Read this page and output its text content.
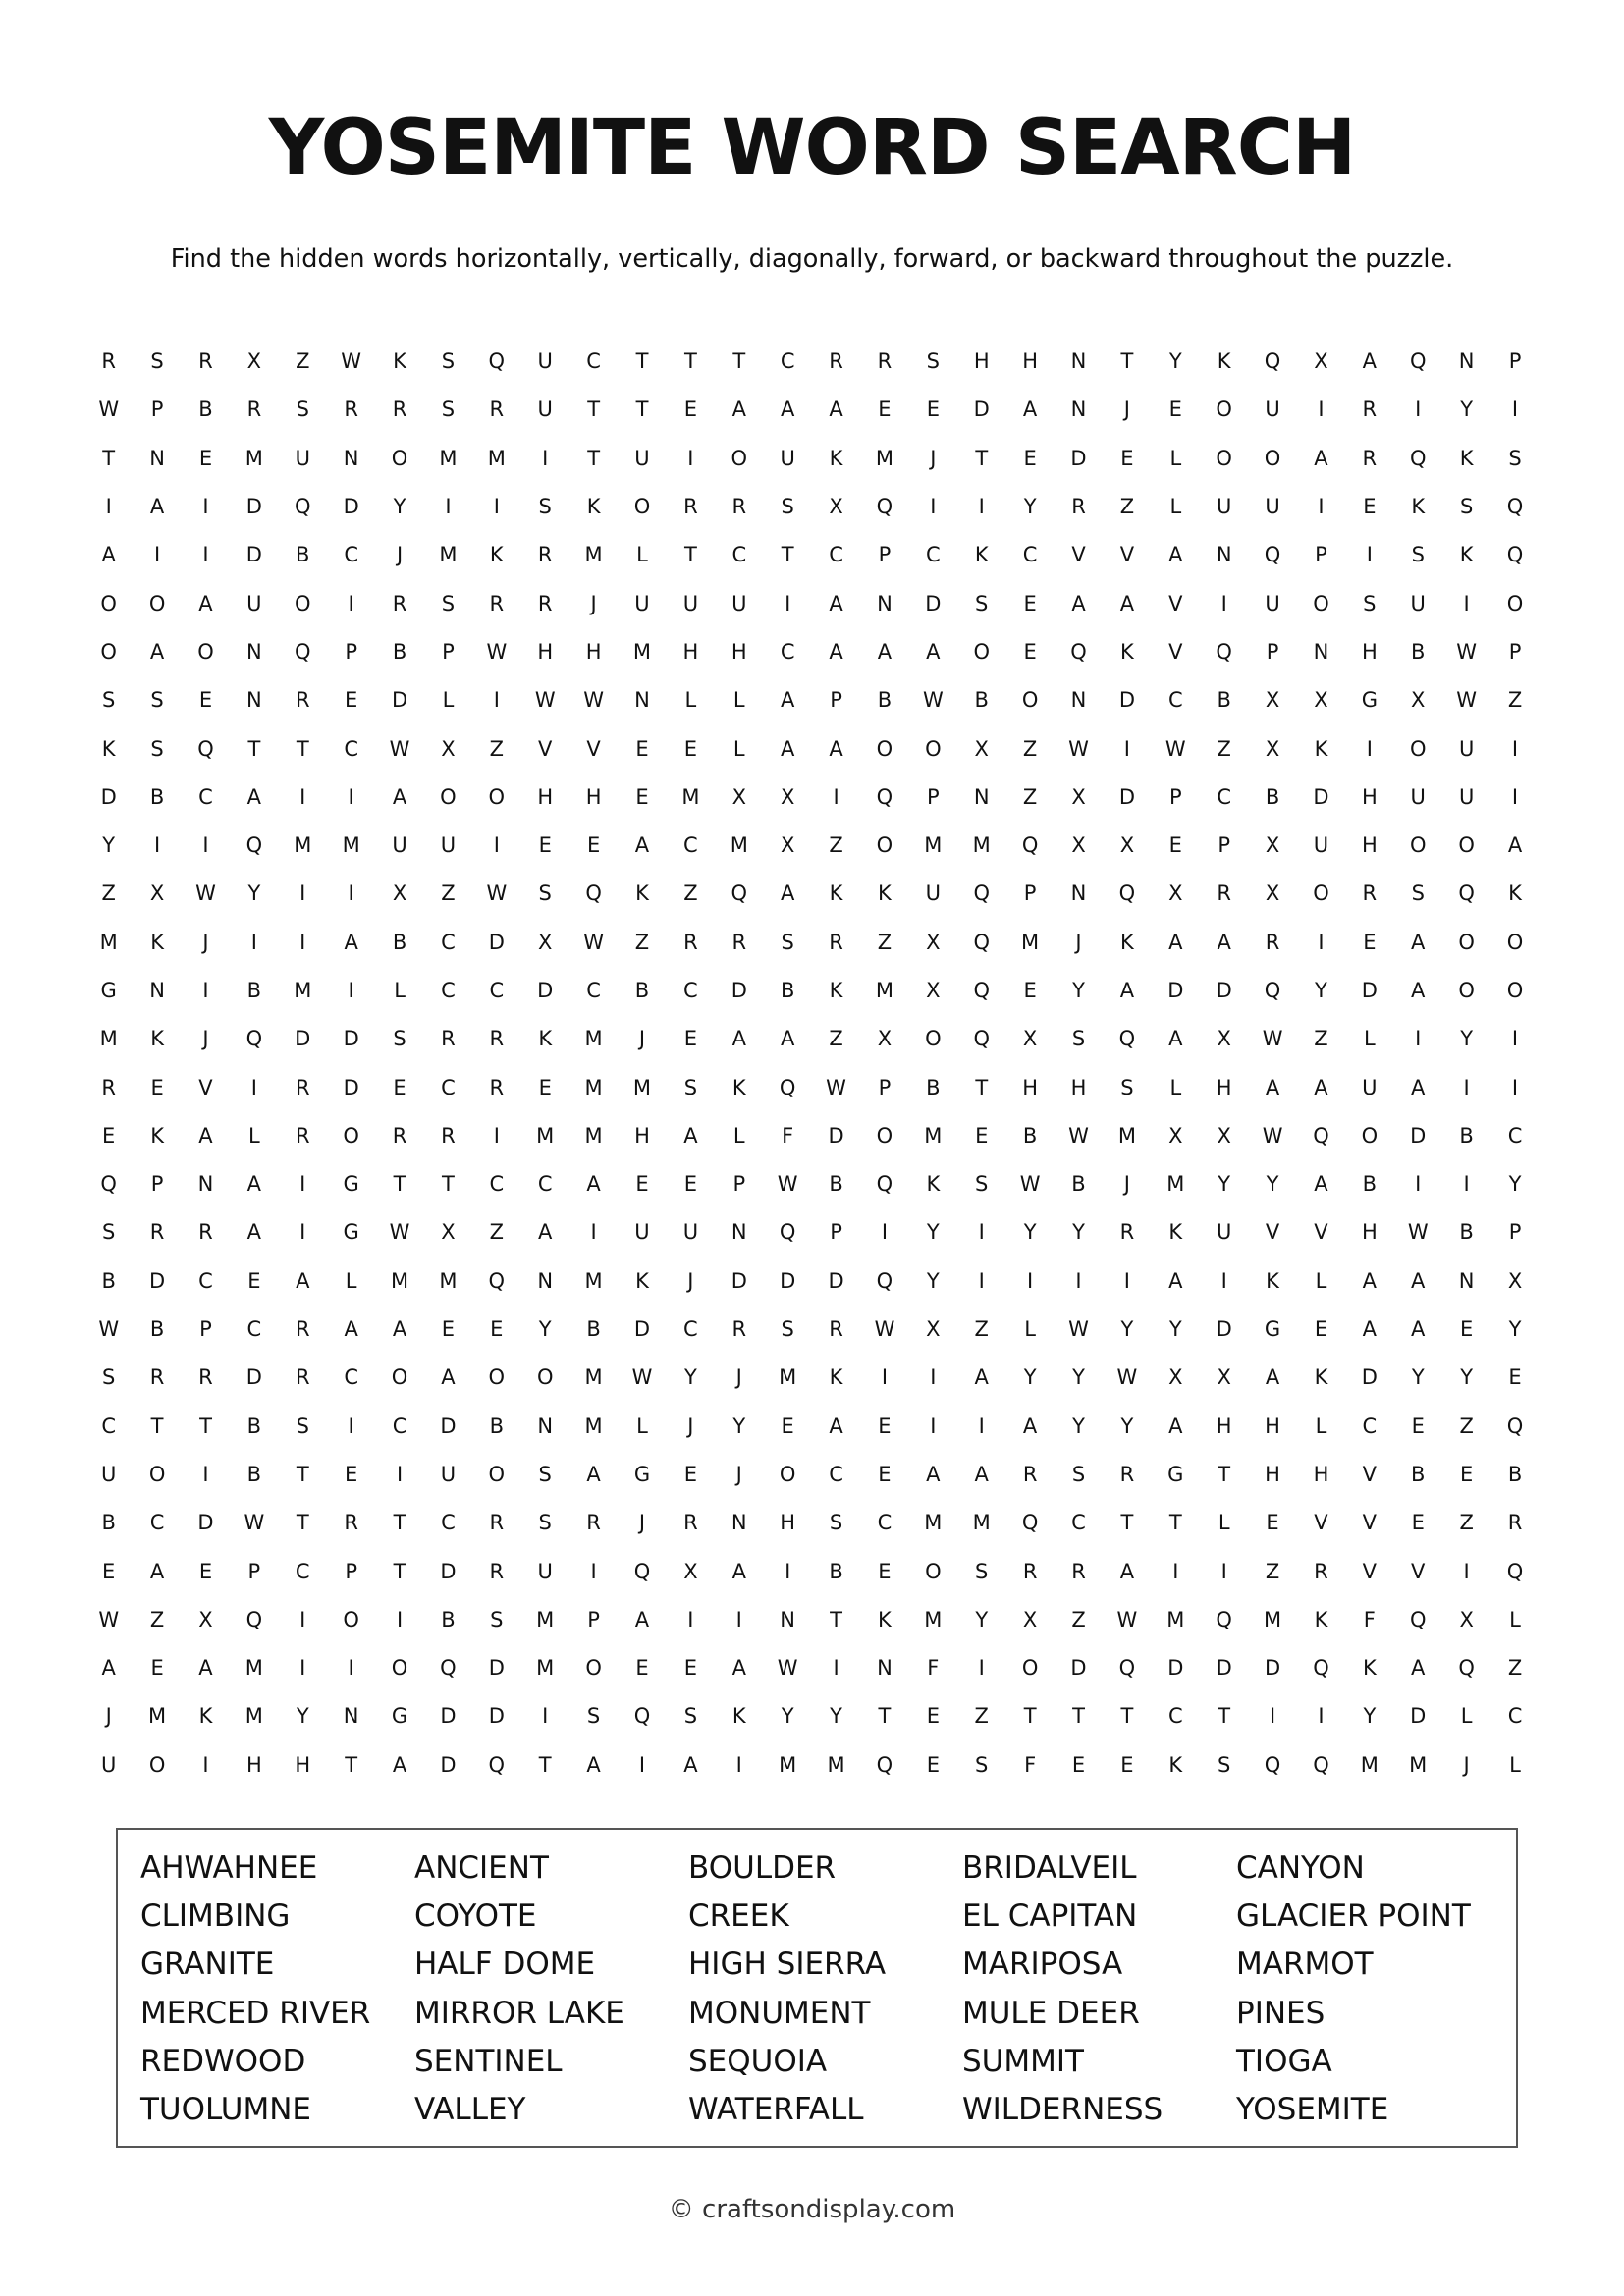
YOSEMITE WORD SEARCH
Find the hidden words horizontally, vertically, diagonally, forward, or backward throughout the puzzle.
R	S	R	X	Z	W	K	S	Q	U	C	T	T	T	C	R	R	S	H	H	N	T	Y	K	Q	X	A	Q	N	P
W	P	B	R	S	R	R	S	R	U	T	T	E	A	A	A	E	E	D	A	N	J	E	O	U	I	R	I	Y	I
T	N	E	M	U	N	O	M	M	I	T	U	I	O	U	K	M	J	T	E	D	E	L	O	O	A	R	Q	K	S
I	A	I	D	Q	D	Y	I	I	S	K	O	R	R	S	X	Q	I	I	Y	R	Z	L	U	U	I	E	K	S	Q
A	I	I	D	B	C	J	M	K	R	M	L	T	C	T	C	P	C	K	C	V	V	A	N	Q	P	I	S	K	Q
O	O	A	U	O	I	R	S	R	R	J	U	U	U	I	A	N	D	S	E	A	A	V	I	U	O	S	U	I	O
O	A	O	N	Q	P	B	P	W	H	H	M	H	H	C	A	A	A	O	E	Q	K	V	Q	P	N	H	B	W	P
S	S	E	N	R	E	D	L	I	W	W	N	L	L	A	P	B	W	B	O	N	D	C	B	X	X	G	X	W	Z
K	S	Q	T	T	C	W	X	Z	V	V	E	E	L	A	A	O	O	X	Z	W	I	W	Z	X	K	I	O	U	I
D	B	C	A	I	I	A	O	O	H	H	E	M	X	X	I	Q	P	N	Z	X	D	P	C	B	D	H	U	U	I
Y	I	I	Q	M	M	U	U	I	E	E	A	C	M	X	Z	O	M	M	Q	X	X	E	P	X	U	H	O	O	A
Z	X	W	Y	I	I	X	Z	W	S	Q	K	Z	Q	A	K	K	U	Q	P	N	Q	X	R	X	O	R	S	Q	K
M	K	J	I	I	A	B	C	D	X	W	Z	R	R	S	R	Z	X	Q	M	J	K	A	A	R	I	E	A	O	O
G	N	I	B	M	I	L	C	C	D	C	B	C	D	B	K	M	X	Q	E	Y	A	D	D	Q	Y	D	A	O	O
M	K	J	Q	D	D	S	R	R	K	M	J	E	A	A	Z	X	O	Q	X	S	Q	A	X	W	Z	L	I	Y	I
R	E	V	I	R	D	E	C	R	E	M	M	S	K	Q	W	P	B	T	H	H	S	L	H	A	A	U	A	I	I
E	K	A	L	R	O	R	R	I	M	M	H	A	L	F	D	O	M	E	B	W	M	X	X	W	Q	O	D	B	C
Q	P	N	A	I	G	T	T	C	C	A	E	E	P	W	B	Q	K	S	W	B	J	M	Y	Y	A	B	I	I	Y
S	R	R	A	I	G	W	X	Z	A	I	U	U	N	Q	P	I	Y	I	Y	Y	R	K	U	V	V	H	W	B	P
B	D	C	E	A	L	M	M	Q	N	M	K	J	D	D	D	Q	Y	I	I	I	I	A	I	K	L	A	A	N	X
W	B	P	C	R	A	A	E	E	Y	B	D	C	R	S	R	W	X	Z	L	W	Y	Y	D	G	E	A	A	E	Y
S	R	R	D	R	C	O	A	O	O	M	W	Y	J	M	K	I	I	A	Y	Y	W	X	X	A	K	D	Y	Y	E
C	T	T	B	S	I	C	D	B	N	M	L	J	Y	E	A	E	I	I	A	Y	Y	A	H	H	L	C	E	Z	Q
U	O	I	B	T	E	I	U	O	S	A	G	E	J	O	C	E	A	A	R	S	R	G	T	H	H	V	B	E	B
B	C	D	W	T	R	T	C	R	S	R	J	R	N	H	S	C	M	M	Q	C	T	T	L	E	V	V	E	Z	R
E	A	E	P	C	P	T	D	R	U	I	Q	X	A	I	B	E	O	S	R	R	A	I	I	Z	R	V	V	I	Q
W	Z	X	Q	I	O	I	B	S	M	P	A	I	I	N	T	K	M	Y	X	Z	W	M	Q	M	K	F	Q	X	L
A	E	A	M	I	I	O	Q	D	M	O	E	E	A	W	I	N	F	I	O	D	Q	D	D	D	Q	K	A	Q	Z
J	M	K	M	Y	N	G	D	D	I	S	Q	S	K	Y	Y	T	E	Z	T	T	T	C	T	I	I	Y	D	L	C
U	O	I	H	H	T	A	D	Q	T	A	I	A	I	M	M	Q	E	S	F	E	E	K	S	Q	Q	M	M	J	L
AHWAHNEE	ANCIENT	BOULDER	BRIDALVEIL	CANYON
CLIMBING	COYOTE	CREEK	EL CAPITAN	GLACIER POINT
GRANITE	HALF DOME	HIGH SIERRA	MARIPOSA	MARMOT
MERCED RIVER	MIRROR LAKE	MONUMENT	MULE DEER	PINES
REDWOOD	SENTINEL	SEQUOIA	SUMMIT	TIOGA
TUOLUMNE	VALLEY	WATERFALL	WILDERNESS	YOSEMITE
© craftsondisplay.com
